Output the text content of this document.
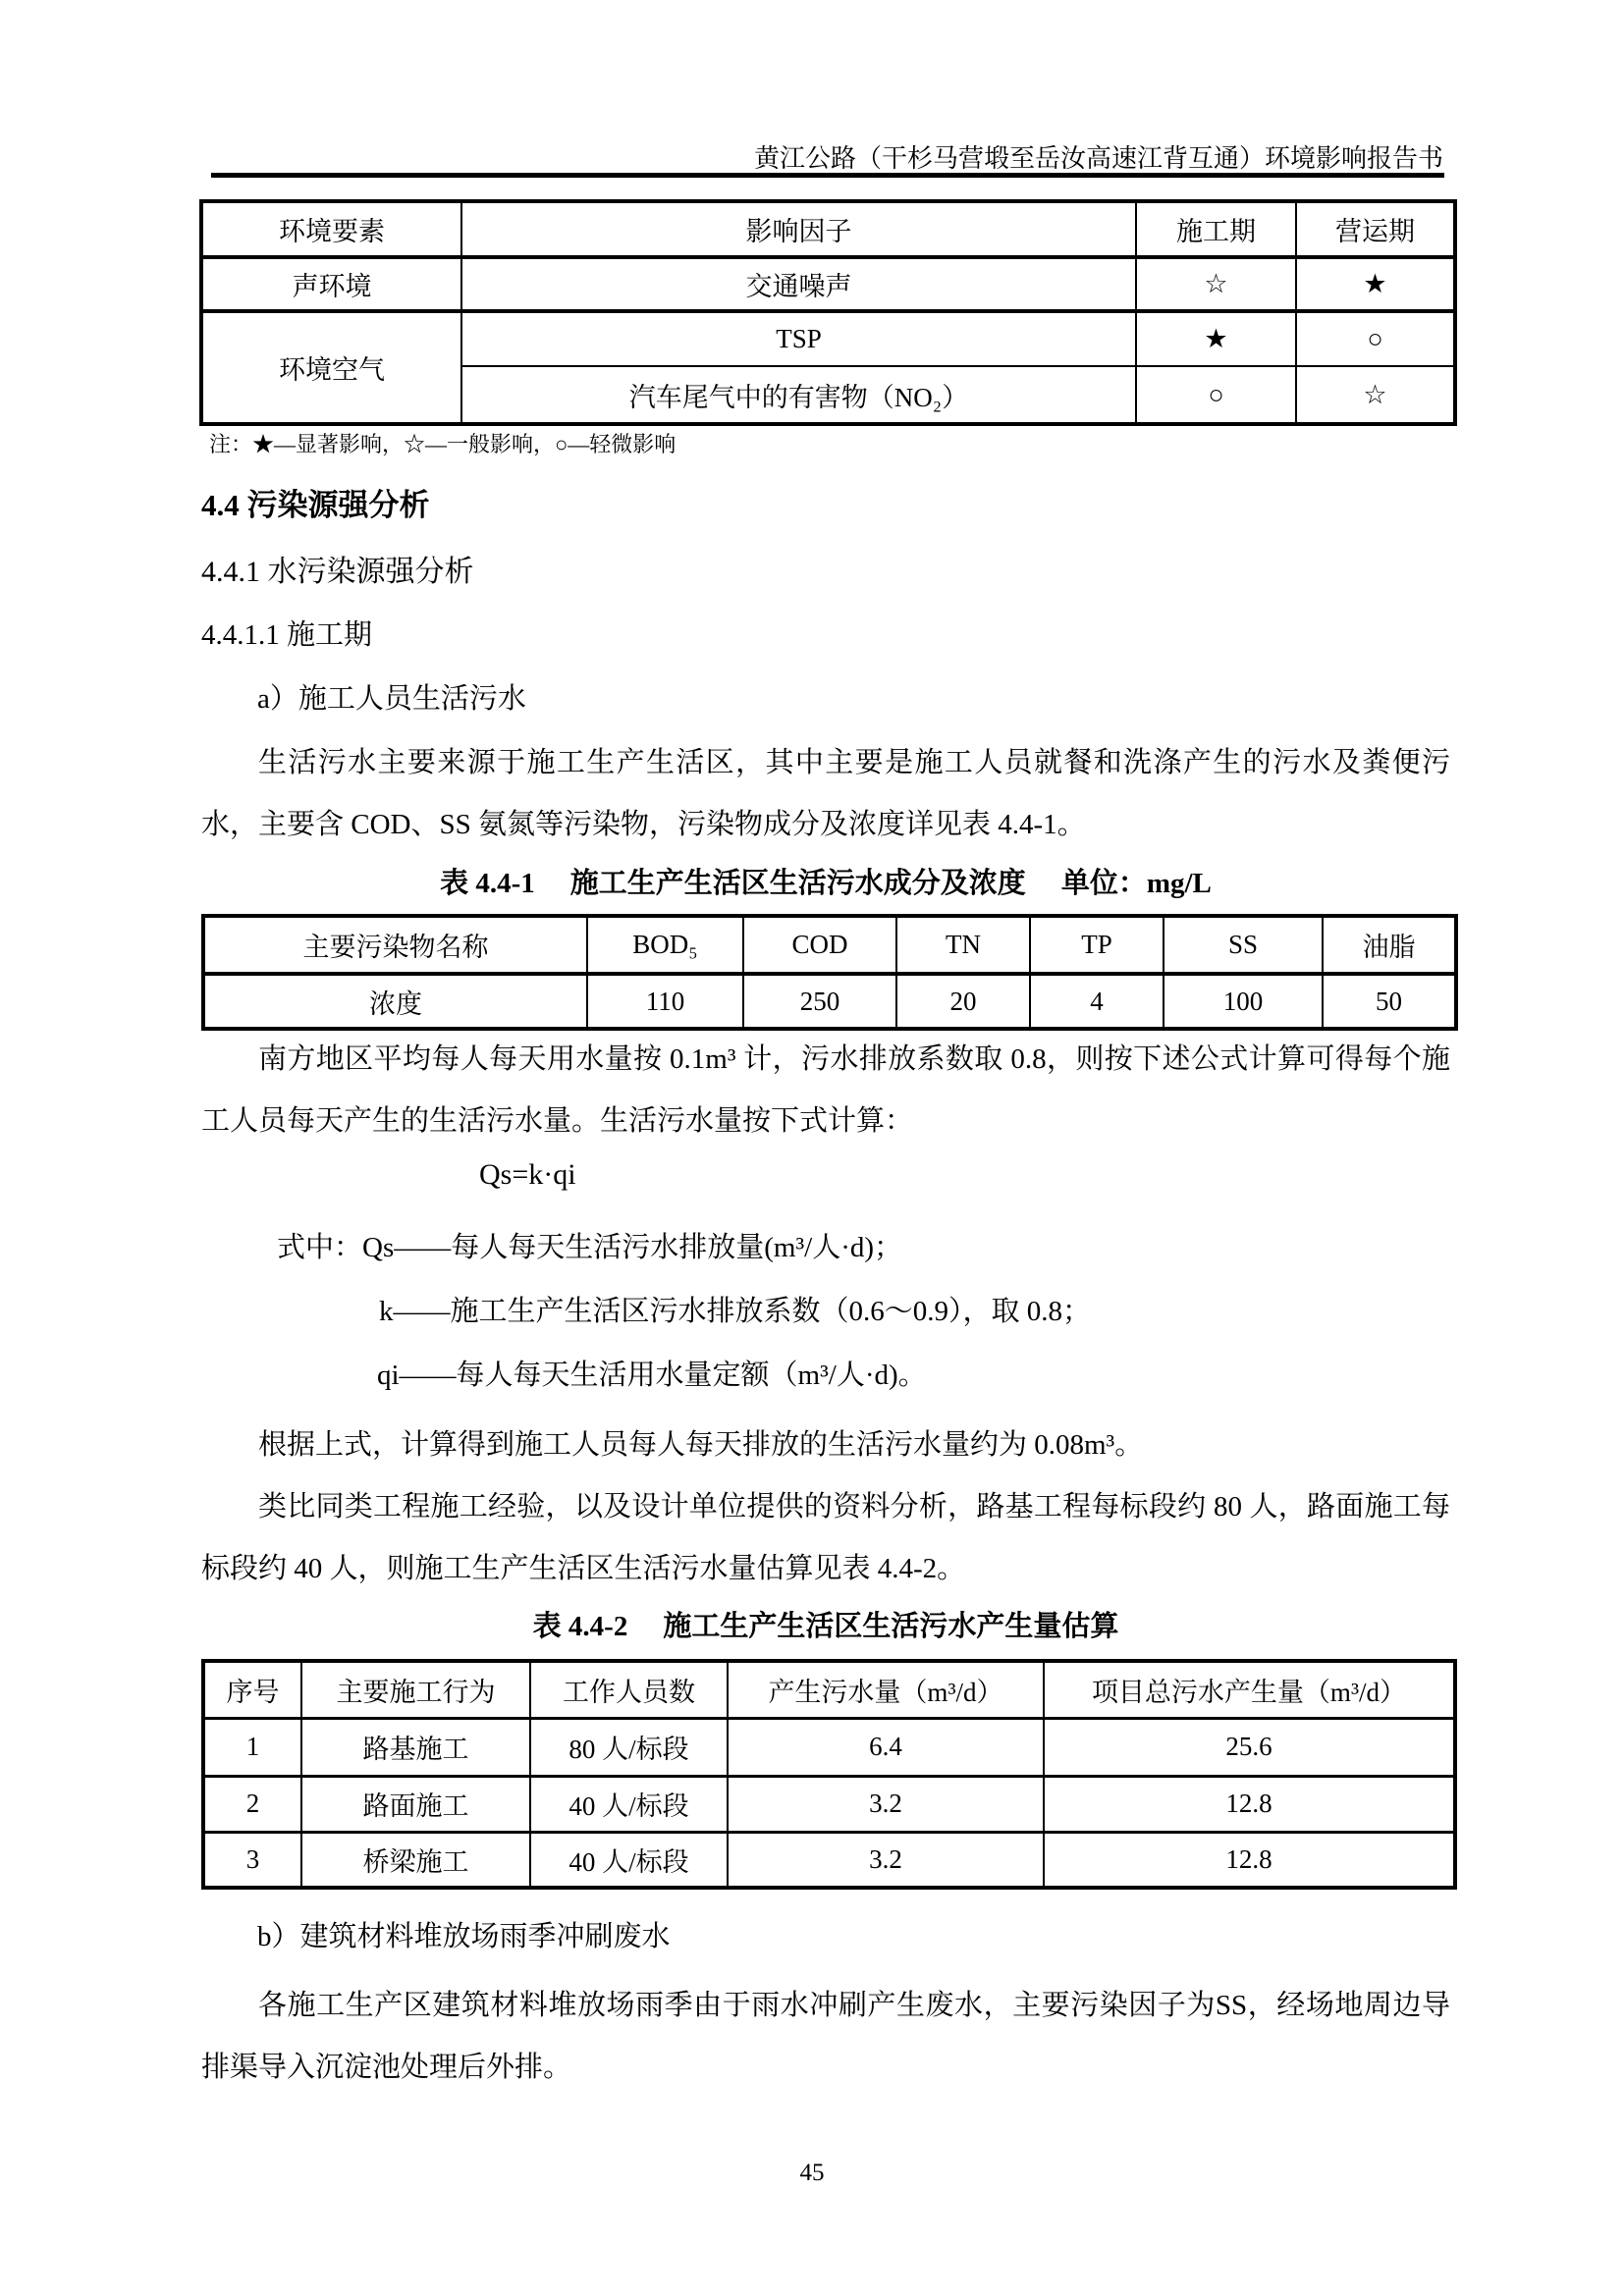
黄江公路（干杉马营塅至岳汝高速江背互通）环境影响报告书
环境要素	影响因子	施工期	营运期
声环境	交通噪声	☆	★
环境空气	TSP	★	○
	汽车尾气中的有害物（NO₂）	○	☆
注：★—显著影响，☆—一般影响，○—轻微影响
4.4 污染源强分析
4.4.1 水污染源强分析
4.4.1.1 施工期
a）施工人员生活污水
生活污水主要来源于施工生产生活区，其中主要是施工人员就餐和洗涤产生的污水及粪便污水，主要含 COD、SS 氨氮等污染物，污染物成分及浓度详见表 4.4-1。
表 4.4-1 施工生产生活区生活污水成分及浓度 单位：mg/L
主要污染物名称	BOD₅	COD	TN	TP	SS	油脂
浓度	110	250	20	4	100	50
南方地区平均每人每天用水量按 0.1m³ 计，污水排放系数取 0.8，则按下述公式计算可得每个施工人员每天产生的生活污水量。生活污水量按下式计算：
Qs=k·qi
式中：Qs——每人每天生活污水排放量(m³/人·d)；
k——施工生产生活区污水排放系数（0.6～0.9），取 0.8；
qi——每人每天生活用水量定额（m³/人·d)。
根据上式，计算得到施工人员每人每天排放的生活污水量约为 0.08m³。
类比同类工程施工经验，以及设计单位提供的资料分析，路基工程每标段约 80 人，路面施工每标段约 40 人，则施工生产生活区生活污水量估算见表 4.4-2。
表 4.4-2 施工生产生活区生活污水产生量估算
序号	主要施工行为	工作人员数	产生污水量（m³/d）	项目总污水产生量（m³/d）
1	路基施工	80 人/标段	6.4	25.6
2	路面施工	40 人/标段	3.2	12.8
3	桥梁施工	40 人/标段	3.2	12.8
b）建筑材料堆放场雨季冲刷废水
各施工生产区建筑材料堆放场雨季由于雨水冲刷产生废水，主要污染因子为SS，经场地周边导排渠导入沉淀池处理后外排。
45
